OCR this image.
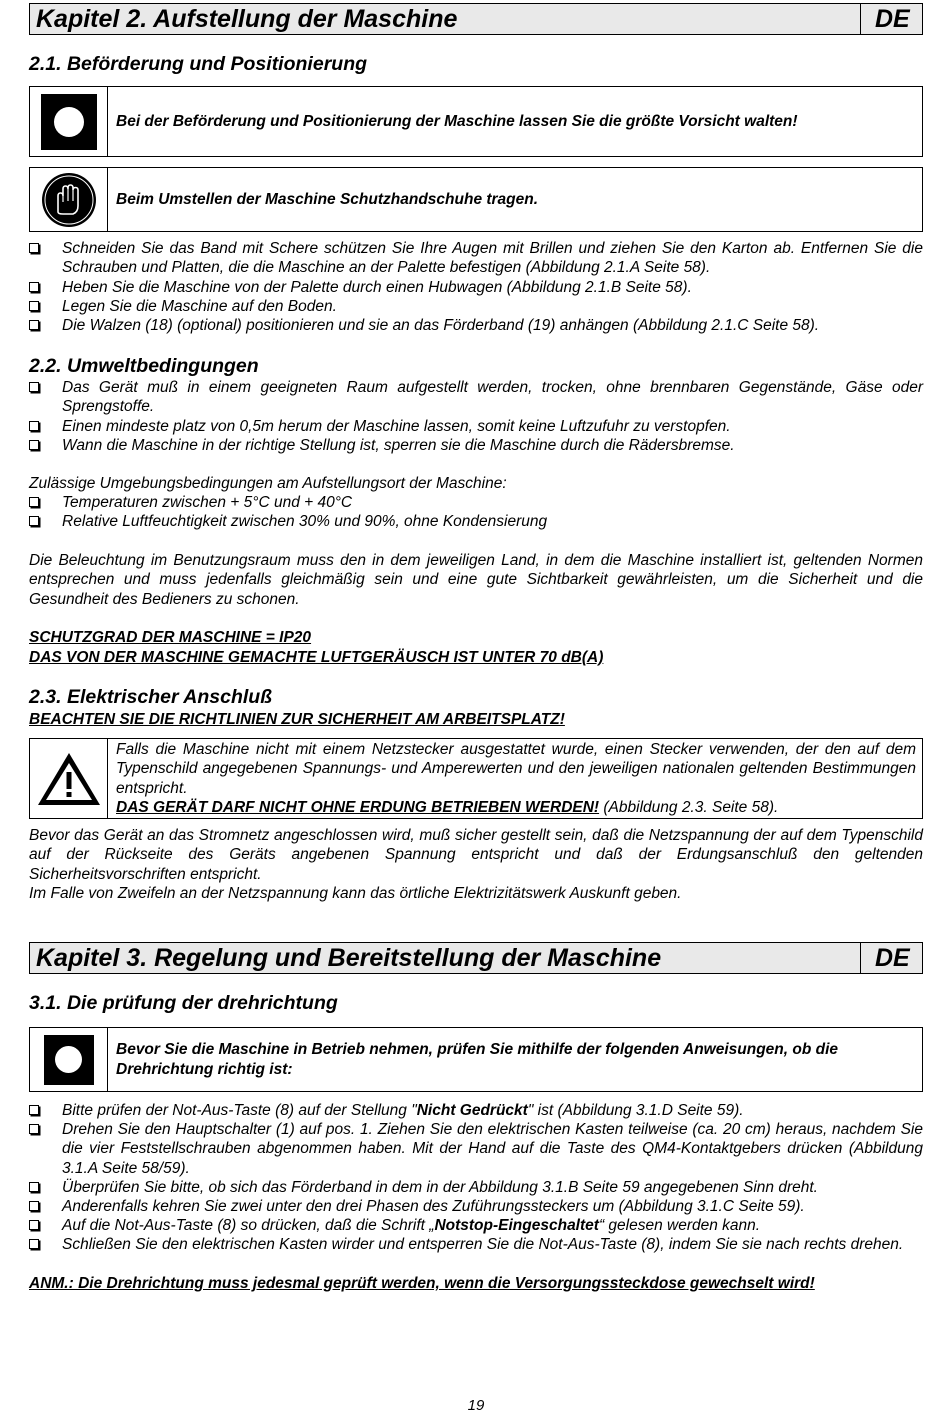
Kapitel 2. Aufstellung der Maschine	DE
2.1. Beförderung und Positionierung
Bei der Beförderung und Positionierung der Maschine lassen Sie die größte Vorsicht walten!
Beim Umstellen der Maschine Schutzhandschuhe tragen.
Schneiden Sie das Band mit Schere schützen Sie Ihre Augen mit Brillen und ziehen Sie den Karton ab. Entfernen Sie die Schrauben und Platten, die die Maschine an der Palette befestigen (Abbildung 2.1.A Seite 58).
Heben Sie die Maschine von der Palette durch einen Hubwagen (Abbildung 2.1.B Seite 58).
Legen Sie die Maschine auf den Boden.
Die Walzen (18) (optional) positionieren und sie an das Förderband (19) anhängen (Abbildung 2.1.C Seite 58).
2.2. Umweltbedingungen
Das Gerät muß in einem geeigneten Raum aufgestellt werden, trocken, ohne brennbaren Gegenstände, Gäse oder Sprengstoffe.
Einen mindeste platz von 0,5m herum der Maschine lassen, somit keine Luftzufuhr zu verstopfen.
Wann die Maschine in der richtige Stellung ist, sperren sie die Maschine durch die Rädersbremse.
Zulässige Umgebungsbedingungen am Aufstellungsort der Maschine:
Temperaturen zwischen + 5°C und + 40°C
Relative Luftfeuchtigkeit zwischen 30% und 90%, ohne Kondensierung
Die Beleuchtung im Benutzungsraum muss den in dem jeweiligen Land, in dem die Maschine installiert ist, geltenden Normen entsprechen und muss jedenfalls gleichmäßig sein und eine gute Sichtbarkeit gewährleisten, um die Sicherheit und die Gesundheit des Bedieners zu schonen.
SCHUTZGRAD DER MASCHINE = IP20
DAS VON DER MASCHINE GEMACHTE LUFTGERÄUSCH IST UNTER 70 dB(A)
2.3. Elektrischer Anschluß
BEACHTEN SIE DIE RICHTLINIEN ZUR SICHERHEIT AM ARBEITSPLATZ!
Falls die Maschine nicht mit einem Netzstecker ausgestattet wurde, einen Stecker verwenden, der den auf dem Typenschild angegebenen Spannungs- und Amperewerten und den jeweiligen nationalen geltenden Bestimmungen entspricht.
DAS GERÄT DARF NICHT OHNE ERDUNG BETRIEBEN WERDEN! (Abbildung 2.3. Seite 58).
Bevor das Gerät an das Stromnetz angeschlossen wird, muß sicher gestellt sein, daß die Netzspannung der auf dem Typenschild auf der Rückseite des Geräts angebenen Spannung entspricht und daß der Erdungsanschluß den geltenden Sicherheitsvorschriften entspricht.
Im Falle von Zweifeln an der Netzspannung kann das örtliche Elektrizitätswerk Auskunft geben.
Kapitel 3. Regelung und Bereitstellung der Maschine	DE
3.1. Die prüfung der drehrichtung
Bevor Sie die Maschine in Betrieb nehmen, prüfen Sie mithilfe der folgenden Anweisungen, ob die Drehrichtung richtig ist:
Bitte prüfen der Not-Aus-Taste (8) auf der Stellung "Nicht Gedrückt" ist (Abbildung 3.1.D Seite 59).
Drehen Sie den Hauptschalter (1) auf pos. 1. Ziehen Sie den elektrischen Kasten teilweise (ca. 20 cm) heraus, nachdem Sie die vier Feststellschrauben abgenommen haben. Mit der Hand auf die Taste des QM4-Kontaktgebers drücken (Abbildung 3.1.A Seite 58/59).
Überprüfen Sie bitte, ob sich das Förderband in dem in der Abbildung 3.1.B Seite 59 angegebenen Sinn dreht.
Anderenfalls kehren Sie zwei unter den drei Phasen des Zuführungssteckers um (Abbildung 3.1.C Seite 59).
Auf die Not-Aus-Taste (8) so drücken, daß die Schrift „Notstop-Eingeschaltet“ gelesen werden kann.
Schließen Sie den elektrischen Kasten wirder und entsperren Sie die Not-Aus-Taste (8), indem Sie sie nach rechts drehen.
ANM.: Die Drehrichtung muss jedesmal geprüft werden, wenn die Versorgungssteckdose gewechselt wird!
19
